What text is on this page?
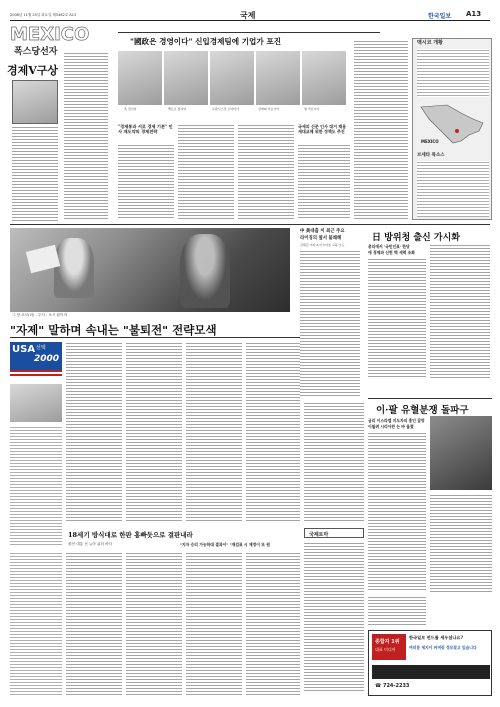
2008년 11월 25일 화요일 제5482호 A13	국제	한국일보 A13
MEXICO
폭스당선자
경제V구상
"國政은 경영이다" 신입경제팀에 기업가 포진
폭 전기다	멕트로 탕사이	프란시스코 브아티아	신에의 서르기아	영 가르시아
"경제통과 서로 경제 기본" 인사 재도약의 경제전략
국세의 신문 인사 대거 채용 세대교체 위한 정책도 추진
멕시코 개황
MEXICO
브세타 특소스
그 당 코르(러) - 투사 : 포시 잡이자
中 美대출 이 최근 주요
라이징의 옆서 불쾌해
김세진 기자 A 아시아본 고품 보도
日 방위청 출신 가시화
총리에서 '국민인표' 한당
에 경제와 신헌 맥 세력 조화
"자제" 말하며 속내는 "불퇴전" 전략모색
USA 선택
2000
18세기 방식대로 한판 홍빠듯으로 결판내라
美선 대통 선 뉴아 위터 바다	"지자 승리 가능하대 결과이" "재검표 시 재정이 또 원
이·팔 유혈분쟁 돌파구
금리 이스라엘 지도자의 흥인 갈망
이월려 시리아완 는 바 올렸
국제토막
종합지 1위
대표 미디어
한국일보 펀드를 세우셨나요?
여러분 세지이 커버링 정모찾고 있습니다
☎ 724-2233
